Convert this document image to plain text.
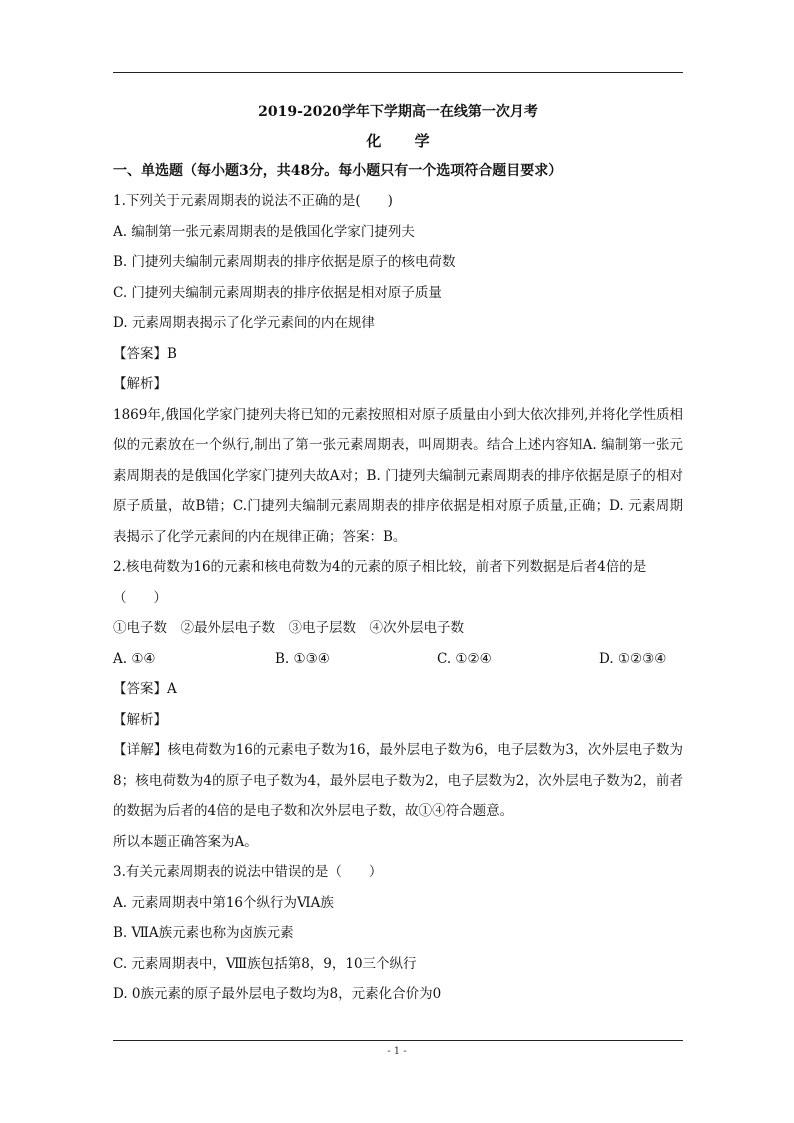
2019-2020学年下学期高一在线第一次月考
化 学
一、单选题（每小题3分，共48分。每小题只有一个选项符合题目要求）
1.下列关于元素周期表的说法不正确的是(　　)
A. 编制第一张元素周期表的是俄国化学家门捷列夫
B. 门捷列夫编制元素周期表的排序依据是原子的核电荷数
C. 门捷列夫编制元素周期表的排序依据是相对原子质量
D. 元素周期表揭示了化学元素间的内在规律
【答案】B
【解析】
1869年,俄国化学家门捷列夫将已知的元素按照相对原子质量由小到大依次排列,并将化学性质相似的元素放在一个纵行,制出了第一张元素周期表，叫周期表。结合上述内容知A. 编制第一张元素周期表的是俄国化学家门捷列夫故A对；B. 门捷列夫编制元素周期表的排序依据是原子的相对原子质量，故B错；C.门捷列夫编制元素周期表的排序依据是相对原子质量,正确；D. 元素周期表揭示了化学元素间的内在规律正确；答案：B。
2.核电荷数为16的元素和核电荷数为4的元素的原子相比较，前者下列数据是后者4倍的是
（　　）
①电子数　②最外层电子数　③电子层数　④次外层电子数
A. ①④	B. ①③④	C. ①②④	D. ①②③④
【答案】A
【解析】
【详解】核电荷数为16的元素电子数为16，最外层电子数为6，电子层数为3，次外层电子数为8；核电荷数为4的原子电子数为4，最外层电子数为2，电子层数为2，次外层电子数为2，前者的数据为后者的4倍的是电子数和次外层电子数，故①④符合题意。
所以本题正确答案为A。
3.有关元素周期表的说法中错误的是（　　）
A. 元素周期表中第16个纵行为ⅥA族
B. ⅦA族元素也称为卤族元素
C. 元素周期表中，Ⅷ族包括第8，9，10三个纵行
D. 0族元素的原子最外层电子数均为8，元素化合价为0
- 1 -
